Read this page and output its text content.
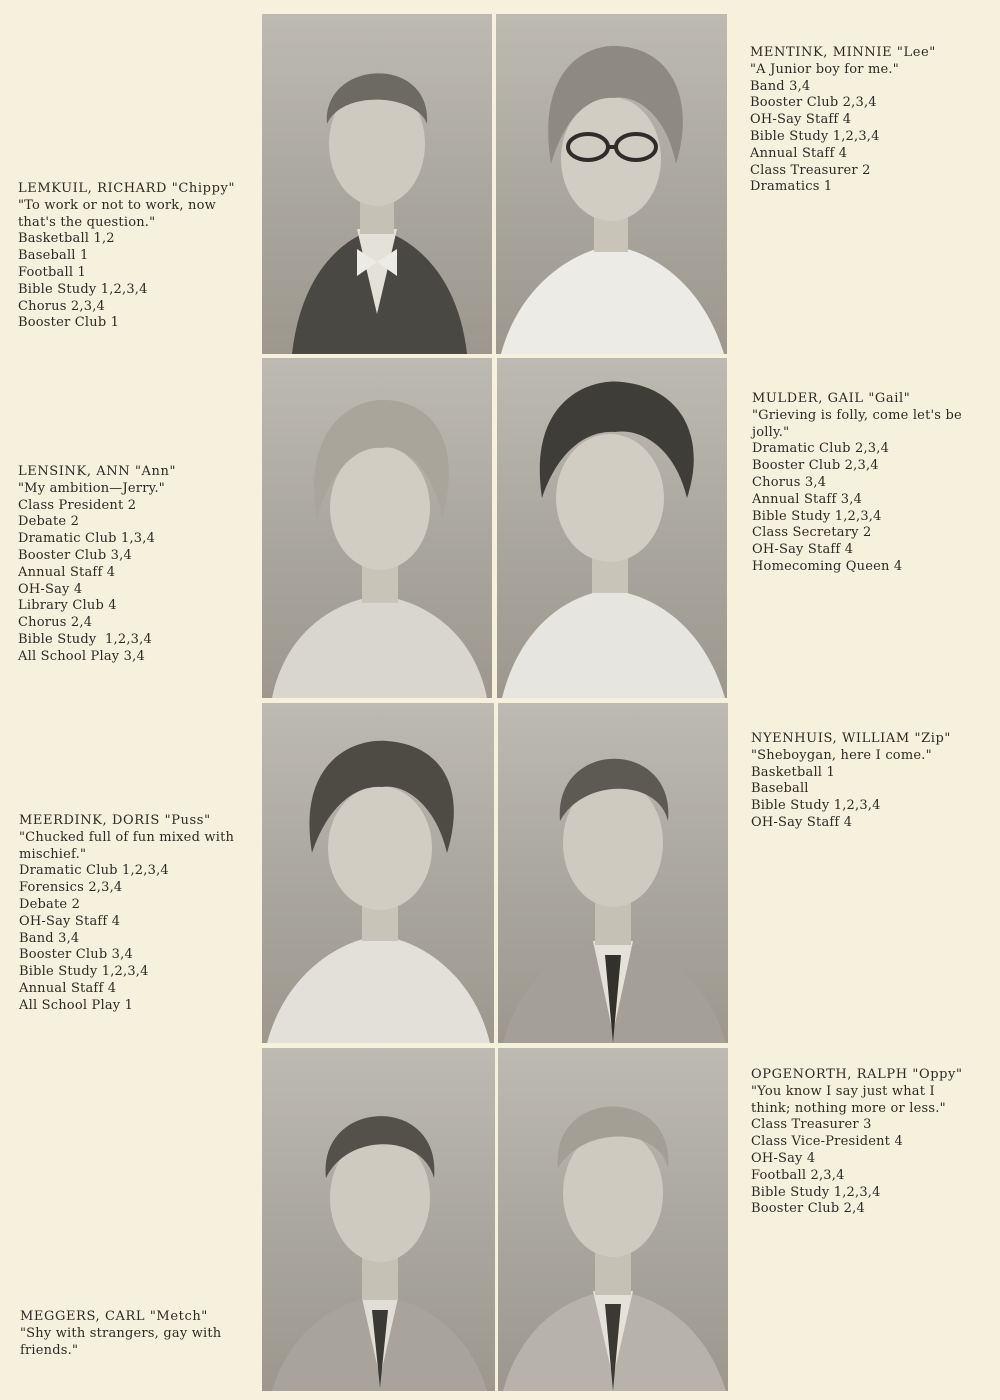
LEMKUIL, RICHARD "Chippy"
"To work or not to work, now that's the question."
Basketball 1,2
Baseball 1
Football 1
Bible Study 1,2,3,4
Chorus 2,3,4
Booster Club 1
LENSINK, ANN "Ann"
"My ambition—Jerry."
Class President 2
Debate 2
Dramatic Club 1,3,4
Booster Club 3,4
Annual Staff 4
OH-Say 4
Library Club 4
Chorus 2,4
Bible Study  1,2,3,4
All School Play 3,4
MEERDINK, DORIS "Puss"
"Chucked full of fun mixed with mischief."
Dramatic Club 1,2,3,4
Forensics 2,3,4
Debate 2
OH-Say Staff 4
Band 3,4
Booster Club 3,4
Bible Study 1,2,3,4
Annual Staff 4
All School Play 1
MEGGERS, CARL "Metch"
"Shy with strangers, gay with friends."
MENTINK, MINNIE "Lee"
"A Junior boy for me."
Band 3,4
Booster Club 2,3,4
OH-Say Staff 4
Bible Study 1,2,3,4
Annual Staff 4
Class Treasurer 2
Dramatics 1
MULDER, GAIL "Gail"
"Grieving is folly, come let's be jolly."
Dramatic Club 2,3,4
Booster Club 2,3,4
Chorus 3,4
Annual Staff 3,4
Bible Study 1,2,3,4
Class Secretary 2
OH-Say Staff 4
Homecoming Queen 4
NYENHUIS, WILLIAM "Zip"
"Sheboygan, here I come."
Basketball 1
Baseball
Bible Study 1,2,3,4
OH-Say Staff 4
OPGENORTH, RALPH "Oppy"
"You know I say just what I think; nothing more or less."
Class Treasurer 3
Class Vice-President 4
OH-Say 4
Football 2,3,4
Bible Study 1,2,3,4
Booster Club 2,4
